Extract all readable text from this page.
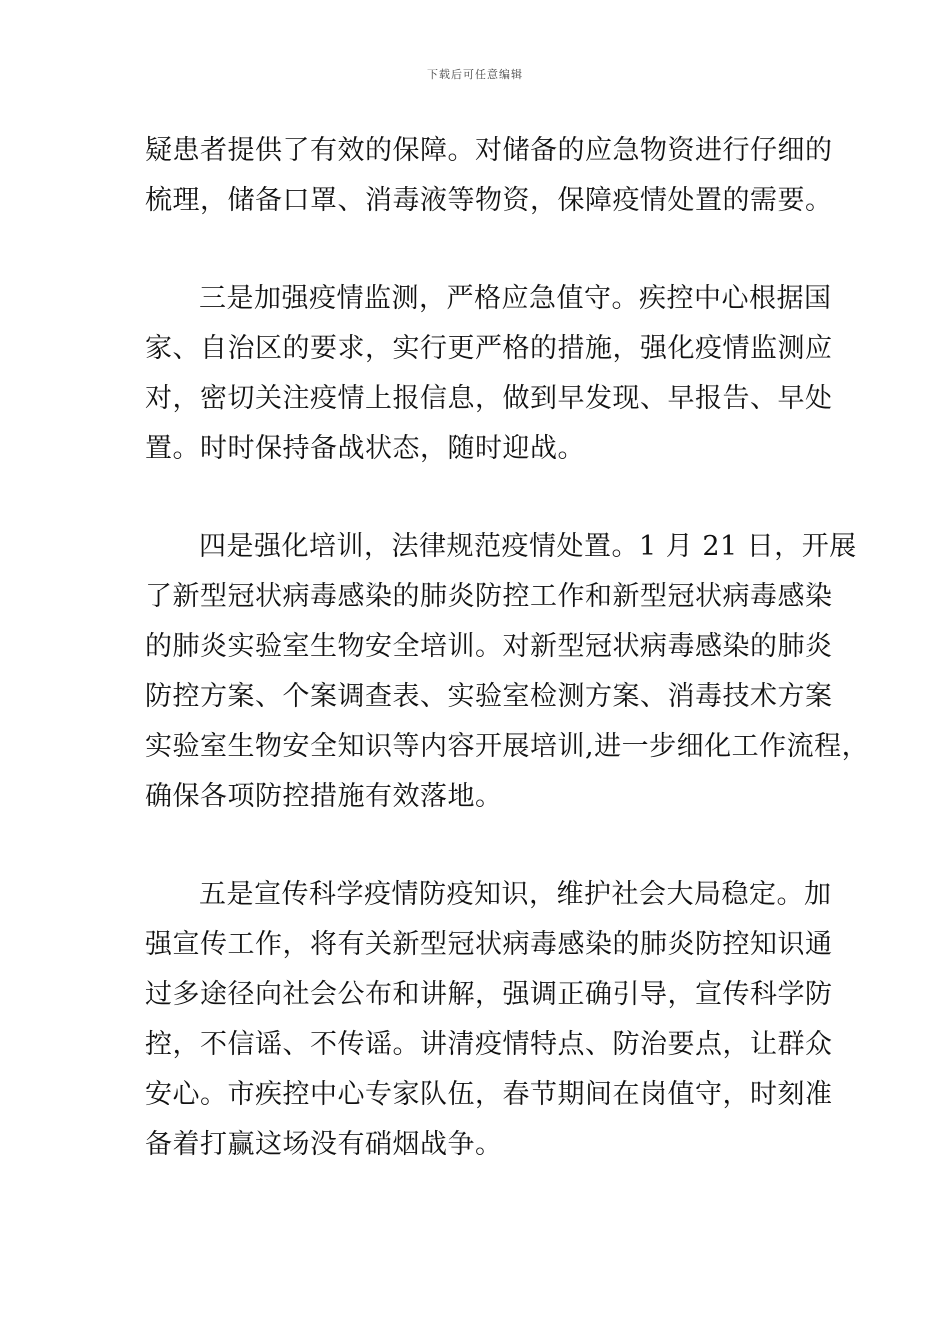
下载后可任意编辑
疑患者提供了有效的保障。对储备的应急物资进行仔细的
梳理，储备口罩、消毒液等物资，保障疫情处置的需要。
三是加强疫情监测，严格应急值守。疾控中心根据国
家、自治区的要求，实行更严格的措施，强化疫情监测应
对，密切关注疫情上报信息，做到早发现、早报告、早处
置。时时保持备战状态，随时迎战。
四是强化培训，法律规范疫情处置。1 月 21 日，开展
了新型冠状病毒感染的肺炎防控工作和新型冠状病毒感染
的肺炎实验室生物安全培训。对新型冠状病毒感染的肺炎
防控方案、个案调查表、实验室检测方案、消毒技术方案
实验室生物安全知识等内容开展培训,进一步细化工作流程，
确保各项防控措施有效落地。
五是宣传科学疫情防疫知识，维护社会大局稳定。加
强宣传工作，将有关新型冠状病毒感染的肺炎防控知识通
过多途径向社会公布和讲解，强调正确引导，宣传科学防
控，不信谣、不传谣。讲清疫情特点、防治要点，让群众
安心。市疾控中心专家队伍，春节期间在岗值守，时刻准
备着打赢这场没有硝烟战争。
